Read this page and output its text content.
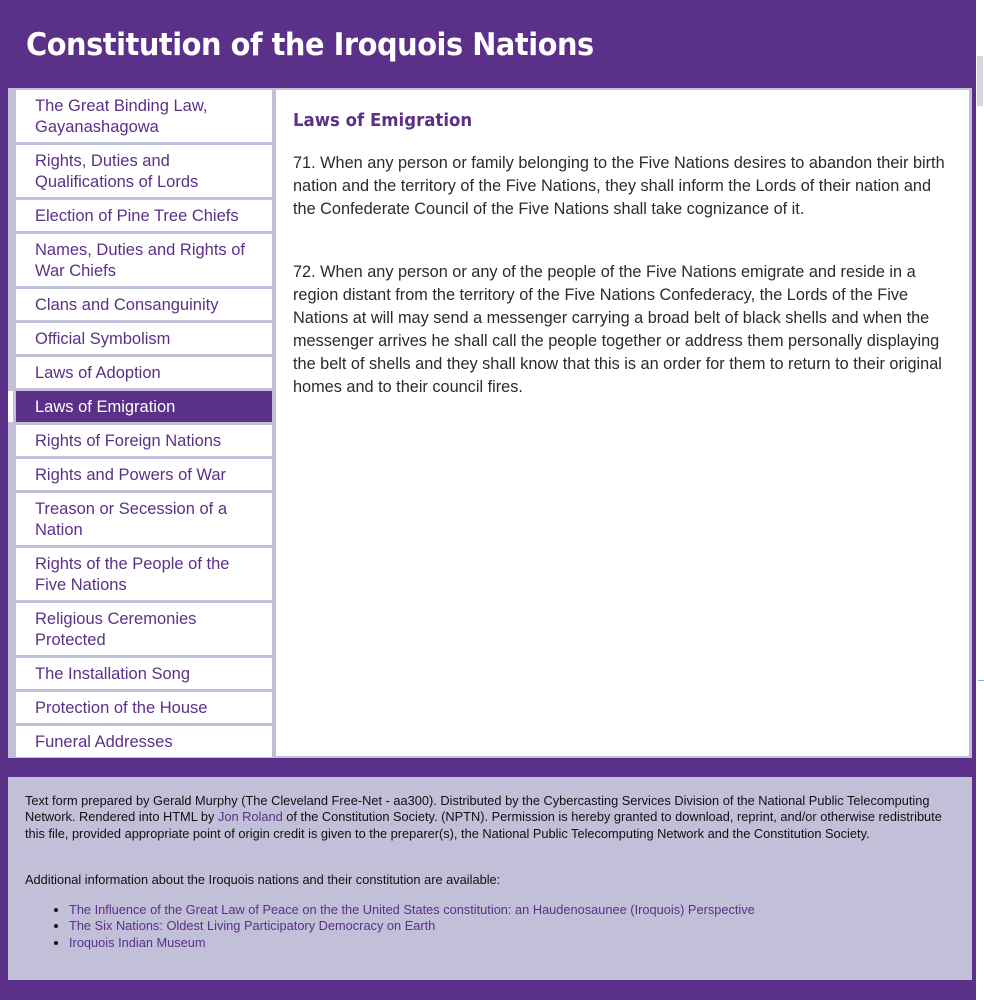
Constitution of the Iroquois Nations
The Great Binding Law, Gayanashagowa
Rights, Duties and Qualifications of Lords
Election of Pine Tree Chiefs
Names, Duties and Rights of War Chiefs
Clans and Consanguinity
Official Symbolism
Laws of Adoption
Laws of Emigration
Rights of Foreign Nations
Rights and Powers of War
Treason or Secession of a Nation
Rights of the People of the Five Nations
Religious Ceremonies Protected
The Installation Song
Protection of the House
Funeral Addresses
Laws of Emigration

71. When any person or family belonging to the Five Nations desires to abandon their birth nation and the territory of the Five Nations, they shall inform the Lords of their nation and the Confederate Council of the Five Nations shall take cognizance of it.

72. When any person or any of the people of the Five Nations emigrate and reside in a region distant from the territory of the Five Nations Confederacy, the Lords of the Five Nations at will may send a messenger carrying a broad belt of black shells and when the messenger arrives he shall call the people together or address them personally displaying the belt of shells and they shall know that this is an order for them to return to their original homes and to their council fires.

Text form prepared by Gerald Murphy (The Cleveland Free-Net - aa300). Distributed by the Cybercasting Services Division of the National Public Telecomputing Network. Rendered into HTML by Jon Roland of the Constitution Society. (NPTN). Permission is hereby granted to download, reprint, and/or otherwise redistribute this file, provided appropriate point of origin credit is given to the preparer(s), the National Public Telecomputing Network and the Constitution Society.

Additional information about the Iroquois nations and their constitution are available:

• The Influence of the Great Law of Peace on the the United States constitution: an Haudenosaunee (Iroquois) Perspective
• The Six Nations: Oldest Living Participatory Democracy on Earth
• Iroquois Indian Museum
